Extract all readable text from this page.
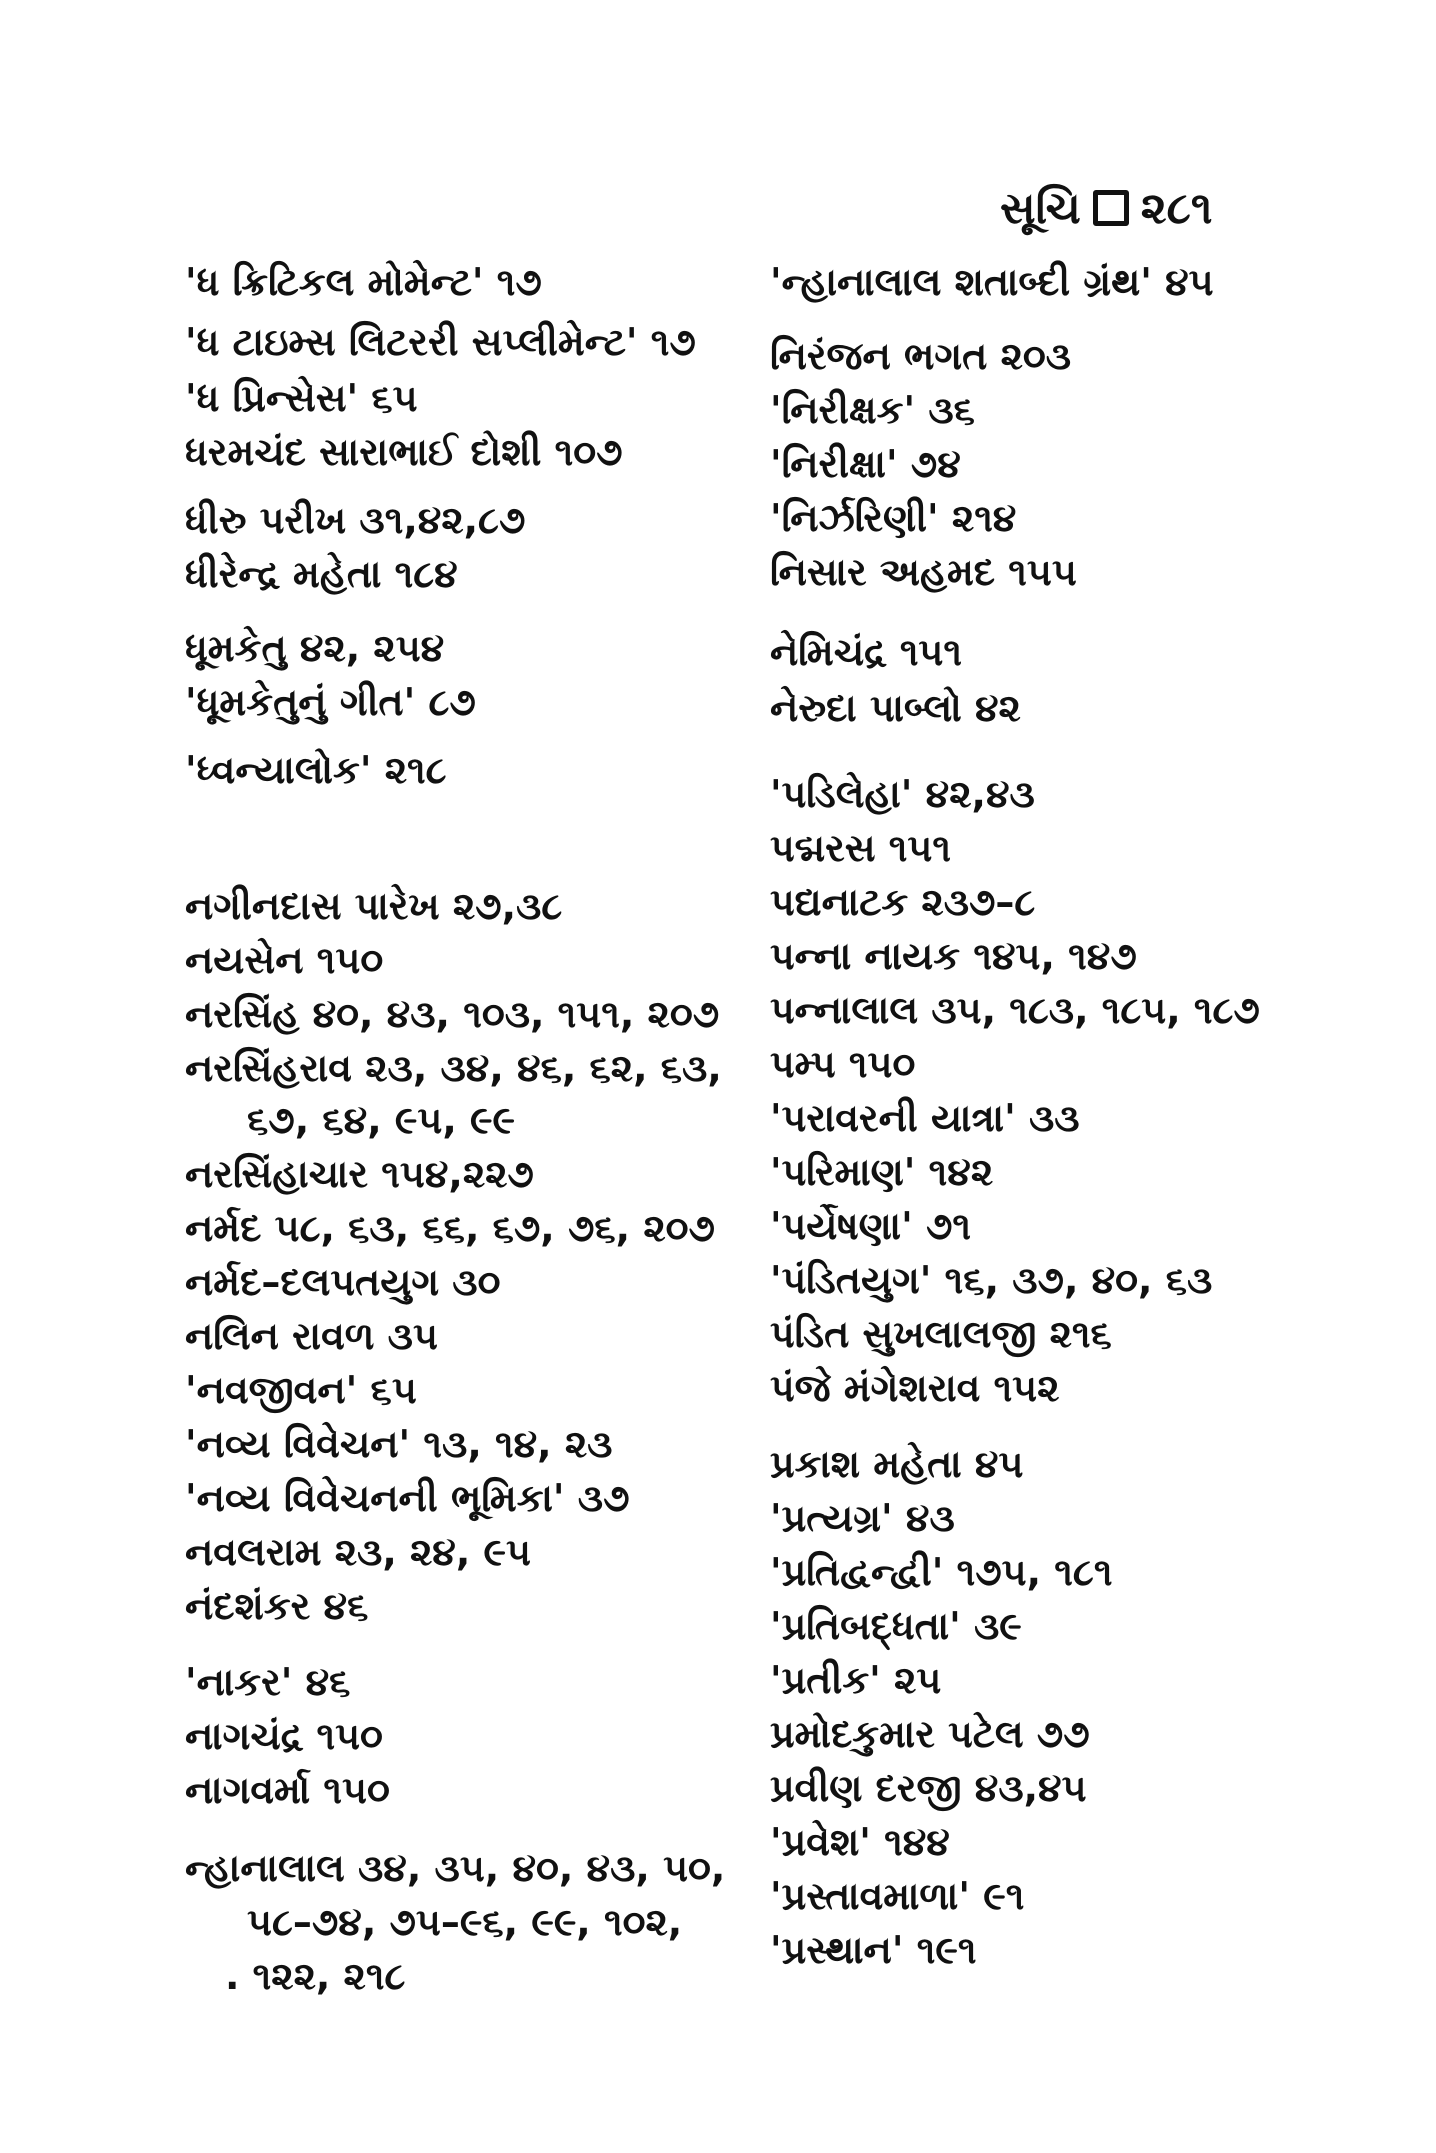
સૂચિ ૨૮૧
'ધ ક્રિટિકલ મોમેન્ટ' ૧૭
'ધ ટાઇમ્સ લિટરરી સપ્લીમેન્ટ' ૧૭
'ધ પ્રિન્સેસ' ૬૫
ધરમચંદ સારાભાઈ દોશી ૧૦૭
ધીરુ પરીખ ૩૧,૪૨,૮૭
ધીરેન્દ્ર મહેતા ૧૮૪
ધૂમકેતુ ૪૨, ૨૫૪
'ધૂમકેતુનું ગીત' ૮૭
'ધ્વન્યાલોક' ૨૧૮
નગીનદાસ પારેખ ૨૭,૩૮
નયસેન ૧૫૦
નરસિંહ ૪૦, ૪૩, ૧૦૩, ૧૫૧, ૨૦૭
નરસિંહરાવ ૨૩, ૩૪, ૪૬, ૬૨, ૬૩,
૬૭, ૬૪, ૯૫, ૯૯
નરસિંહાચાર ૧૫૪,૨૨૭
નર્મદ ૫૮, ૬૩, ૬૬, ૬૭, ૭૬, ૨૦૭
નર્મદ–દલપતયુગ ૩૦
નલિન રાવળ ૩૫
'નવજીવન' ૬૫
'નવ્ય વિવેચન' ૧૩, ૧૪, ૨૩
'નવ્ય વિવેચનની ભૂમિકા' ૩૭
નવલરામ ૨૩, ૨૪, ૯૫
નંદશંકર ૪૬
'નાકર' ૪૬
નાગચંદ્ર ૧૫૦
નાગવર્મા ૧૫૦
ન્હાનાલાલ ૩૪, ૩૫, ૪૦, ૪૩, ૫૦,
૫૮–૭૪, ૭૫–૯૬, ૯૯, ૧૦૨,
. ૧૨૨, ૨૧૮
'ન્હાનાલાલ શતાબ્દી ગ્રંથ' ૪૫
નિરંજન ભગત ૨૦૩
'નિરીક્ષક' ૩૬
'નિરીક્ષા' ૭૪
'નિર્ઝરિણી' ૨૧૪
નિસાર અહમદ ૧૫૫
નેમિચંદ્ર ૧૫૧
નેરુદા પાબ્લો ૪૨
'પડિલેહા' ૪૨,૪૩
પદ્મરસ ૧૫૧
પદ્યનાટક ૨૩૭–૮
પન્ના નાયક ૧૪૫, ૧૪૭
પન્નાલાલ ૩૫, ૧૮૩, ૧૮૫, ૧૮૭
પમ્પ ૧૫૦
'પરાવરની યાત્રા' ૩૩
'પરિમાણ' ૧૪૨
'પર્યેષણા' ૭૧
'પંડિતયુગ' ૧૬, ૩૭, ૪૦, ૬૩
પંડિત સુખલાલજી ૨૧૬
પંજે મંગેશરાવ ૧૫૨
પ્રકાશ મહેતા ૪૫
'પ્રત્યગ્ર' ૪૩
'પ્રતિદ્વન્દ્વી' ૧૭૫, ૧૮૧
'પ્રતિબદ્ધતા' ૩૯
'પ્રતીક' ૨૫
પ્રમોદકુમાર પટેલ ૭૭
પ્રવીણ દરજી ૪૩,૪૫
'પ્રવેશ' ૧૪૪
'પ્રસ્તાવમાળા' ૯૧
'પ્રસ્થાન' ૧૯૧
